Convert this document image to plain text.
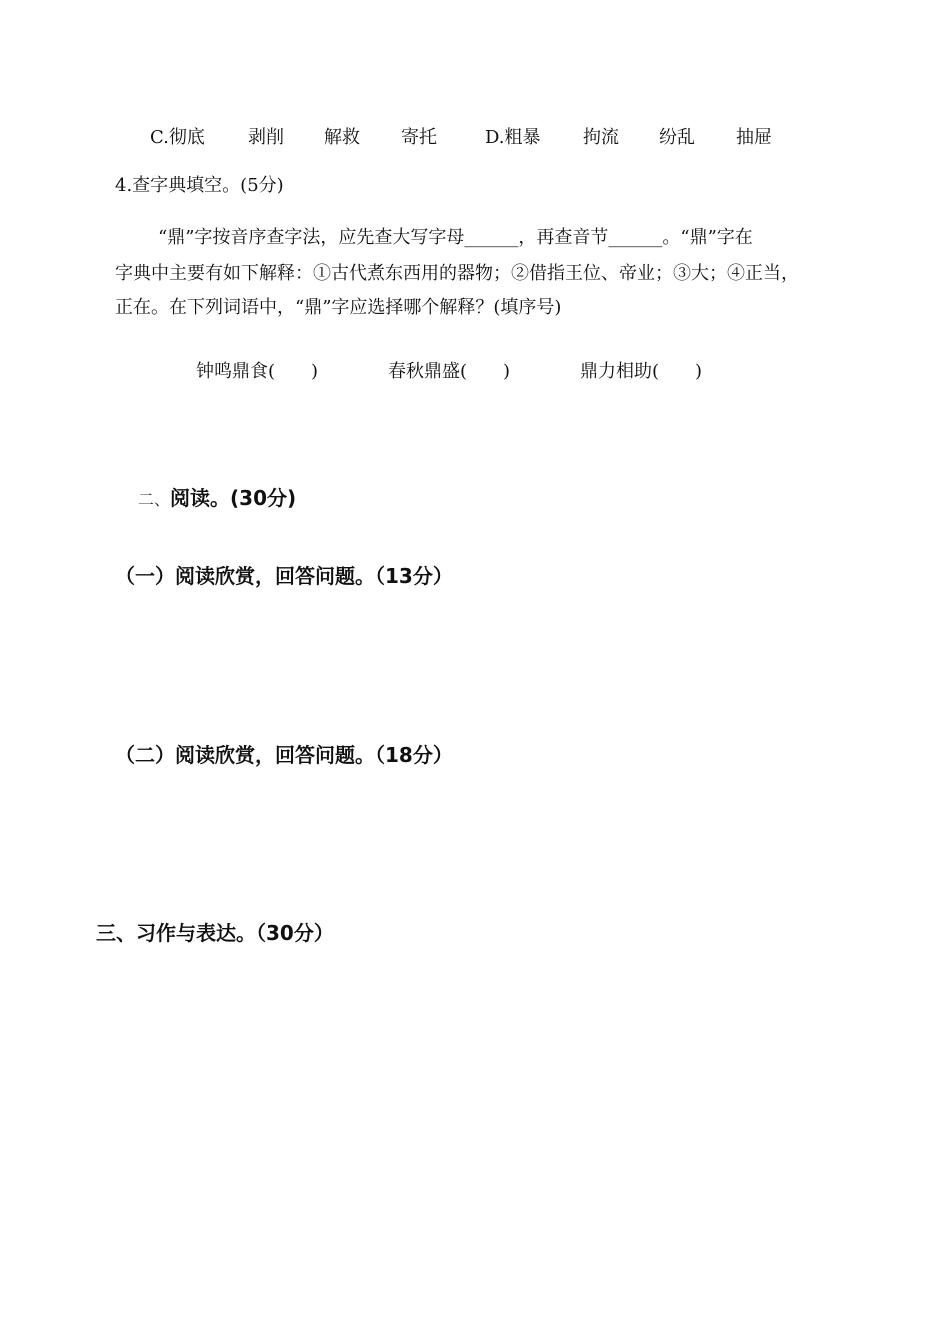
C.彻底 剥削 解救 寄托	D.粗暴 拘流 纷乱 抽屉
4.查字典填空。(5分)
“鼎”字按音序查字法，应先查大写字母______，再查音节______。“鼎”字在
字典中主要有如下解释：①古代煮东西用的器物；②借指王位、帝业；③大；④正当，
正在。在下列词语中，“鼎”字应选择哪个解释？(填序号)
钟鸣鼎食(　　)	春秋鼎盛(　　)	鼎力相助(　　)
二、阅读。(30分)
（一）阅读欣赏，回答问题。（13分）
（二）阅读欣赏，回答问题。（18分）
三、习作与表达。（30分）
